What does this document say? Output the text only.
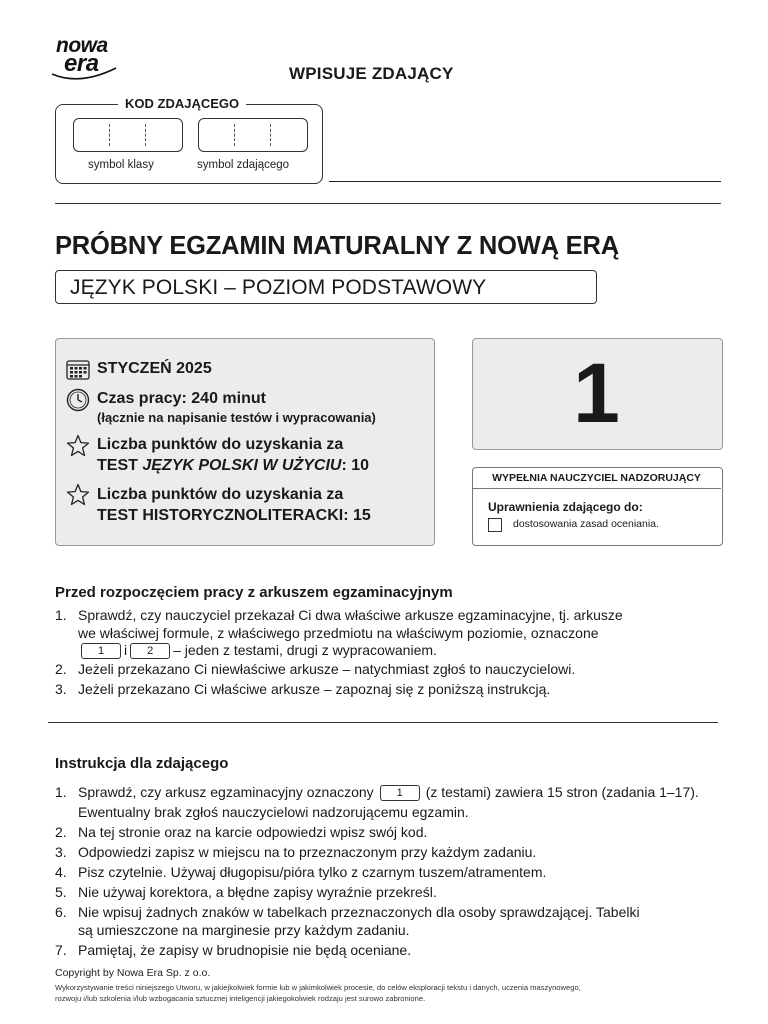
nowa
era	WPISUJE ZDAJĄCY
KOD ZDAJĄCEGO
symbol klasy	symbol zdającego
PRÓBNY EGZAMIN MATURALNY Z NOWĄ ERĄ
JĘZYK POLSKI – POZIOM PODSTAWOWY
STYCZEŃ 2025
Czas pracy: 240 minut
(łącznie na napisanie testów i wypracowania)
Liczba punktów do uzyskania za
TEST JĘZYK POLSKI W UŻYCIU: 10
Liczba punktów do uzyskania za
TEST HISTORYCZNOLITERACKI: 15
1
WYPEŁNIA NAUCZYCIEL NADZORUJĄCY
Uprawnienia zdającego do:
dostosowania zasad oceniania.
Przed rozpoczęciem pracy z arkuszem egzaminacyjnym
1. Sprawdź, czy nauczyciel przekazał Ci dwa właściwe arkusze egzaminacyjne, tj. arkusze
we właściwej formule, z właściwego przedmiotu na właściwym poziomie, oznaczone
1 i 2 – jeden z testami, drugi z wypracowaniem.
2. Jeżeli przekazano Ci niewłaściwe arkusze – natychmiast zgłoś to nauczycielowi.
3. Jeżeli przekazano Ci właściwe arkusze – zapoznaj się z poniższą instrukcją.
Instrukcja dla zdającego
1. Sprawdź, czy arkusz egzaminacyjny oznaczony 1 (z testami) zawiera 15 stron (zadania 1–17).
Ewentualny brak zgłoś nauczycielowi nadzorującemu egzamin.
2. Na tej stronie oraz na karcie odpowiedzi wpisz swój kod.
3. Odpowiedzi zapisz w miejscu na to przeznaczonym przy każdym zadaniu.
4. Pisz czytelnie. Używaj długopisu/pióra tylko z czarnym tuszem/atramentem.
5. Nie używaj korektora, a błędne zapisy wyraźnie przekreśl.
6. Nie wpisuj żadnych znaków w tabelkach przeznaczonych dla osoby sprawdzającej. Tabelki
są umieszczone na marginesie przy każdym zadaniu.
7. Pamiętaj, że zapisy w brudnopisie nie będą oceniane.
Copyright by Nowa Era Sp. z o.o.
Wykorzystywanie treści niniejszego Utworu, w jakiejkolwiek formie lub w jakimkolwiek procesie, do celów eksploracji tekstu i danych, uczenia maszynowego,
rozwoju i/lub szkolenia i/lub wzbogacania sztucznej inteligencji jakiegokolwiek rodzaju jest surowo zabronione.
